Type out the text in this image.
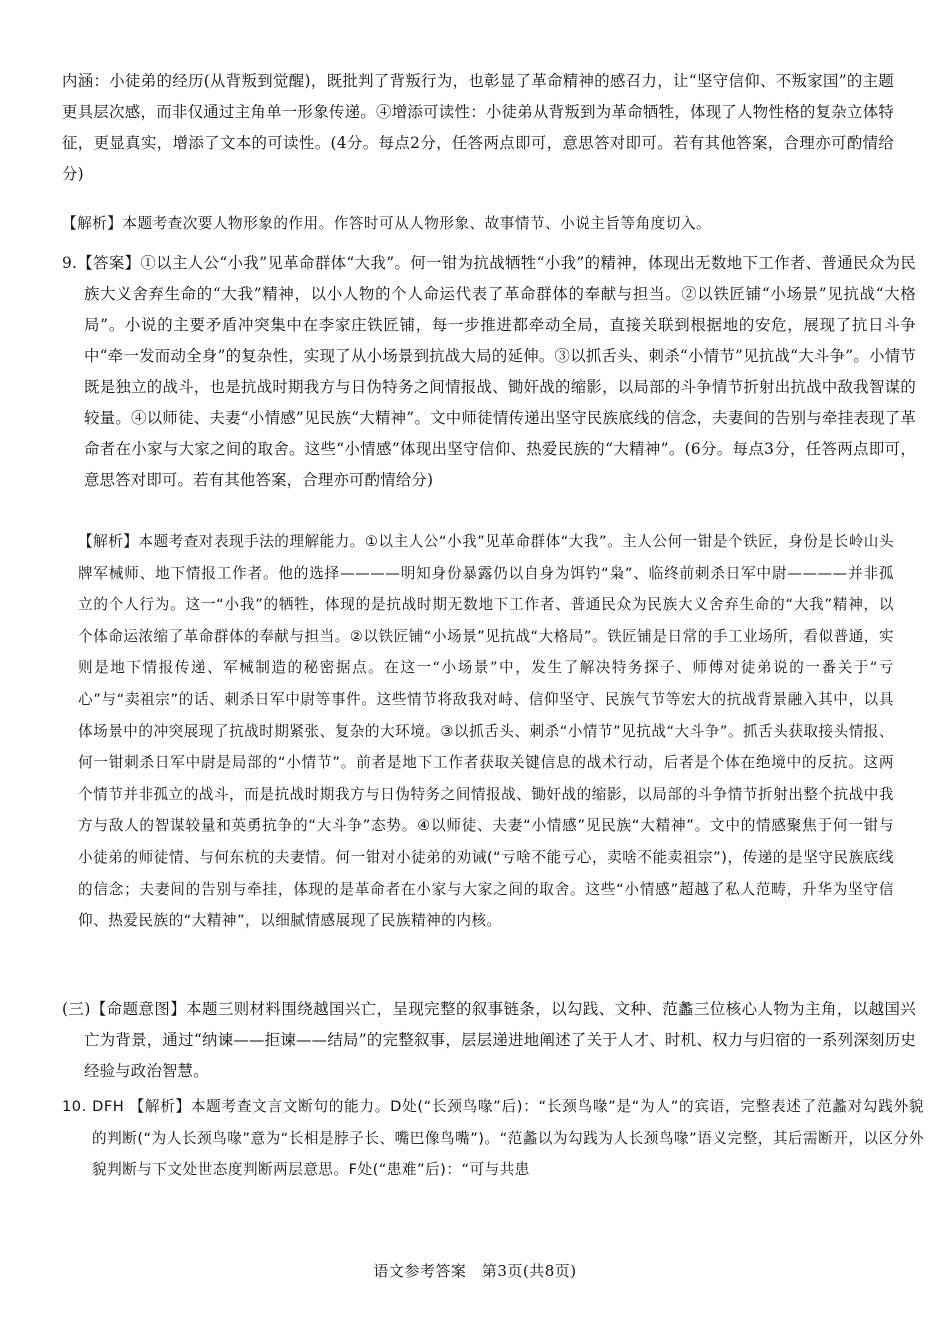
内涵：小徒弟的经历(从背叛到觉醒)，既批判了背叛行为，也彰显了革命精神的感召力，让“坚守信仰、不叛家国”的主题更具层次感，而非仅通过主角单一形象传递。④增添可读性：小徒弟从背叛到为革命牺牲，体现了人物性格的复杂立体特征，更显真实，增添了文本的可读性。(4分。每点2分，任答两点即可，意思答对即可。若有其他答案，合理亦可酌情给分)
【解析】本题考查次要人物形象的作用。作答时可从人物形象、故事情节、小说主旨等角度切入。
9.【答案】①以主人公“小我”见革命群体“大我”。何一钳为抗战牺牲“小我”的精神，体现出无数地下工作者、普通民众为民族大义舍弃生命的“大我”精神，以小人物的个人命运代表了革命群体的奉献与担当。②以铁匠铺“小场景”见抗战“大格局”。小说的主要矛盾冲突集中在李家庄铁匠铺，每一步推进都牵动全局，直接关联到根据地的安危，展现了抗日斗争中“牵一发而动全身”的复杂性，实现了从小场景到抗战大局的延伸。③以抓舌头、刺杀“小情节”见抗战“大斗争”。小情节既是独立的战斗，也是抗战时期我方与日伪特务之间情报战、锄奸战的缩影，以局部的斗争情节折射出抗战中敌我智谋的较量。④以师徒、夫妻“小情感”见民族“大精神”。文中师徒情传递出坚守民族底线的信念，夫妻间的告别与牵挂表现了革命者在小家与大家之间的取舍。这些“小情感”体现出坚守信仰、热爱民族的“大精神”。(6分。每点3分，任答两点即可，意思答对即可。若有其他答案，合理亦可酌情给分)
【解析】本题考查对表现手法的理解能力。①以主人公“小我”见革命群体“大我”。主人公何一钳是个铁匠，身份是长岭山头牌军械师、地下情报工作者。他的选择————明知身份暴露仍以自身为饵钓“枭”、临终前刺杀日军中尉————并非孤立的个人行为。这一“小我”的牺牲，体现的是抗战时期无数地下工作者、普通民众为民族大义舍弃生命的“大我”精神，以个体命运浓缩了革命群体的奉献与担当。②以铁匠铺“小场景”见抗战“大格局”。铁匠铺是日常的手工业场所，看似普通，实则是地下情报传递、军械制造的秘密据点。在这一“小场景”中，发生了解决特务探子、师傅对徒弟说的一番关于“亏心”与“卖祖宗”的话、刺杀日军中尉等事件。这些情节将敌我对峙、信仰坚守、民族气节等宏大的抗战背景融入其中，以具体场景中的冲突展现了抗战时期紧张、复杂的大环境。③以抓舌头、刺杀“小情节”见抗战“大斗争”。抓舌头获取接头情报、何一钳刺杀日军中尉是局部的“小情节”。前者是地下工作者获取关键信息的战术行动，后者是个体在绝境中的反抗。这两个情节并非孤立的战斗，而是抗战时期我方与日伪特务之间情报战、锄奸战的缩影，以局部的斗争情节折射出整个抗战中我方与敌人的智谋较量和英勇抗争的“大斗争”态势。④以师徒、夫妻“小情感”见民族“大精神”。文中的情感聚焦于何一钳与小徒弟的师徒情、与何东杭的夫妻情。何一钳对小徒弟的劝诫(“亏啥不能亏心，卖啥不能卖祖宗”)，传递的是坚守民族底线的信念；夫妻间的告别与牵挂，体现的是革命者在小家与大家之间的取舍。这些“小情感”超越了私人范畴，升华为坚守信仰、热爱民族的“大精神”，以细腻情感展现了民族精神的内核。
(三)【命题意图】本题三则材料围绕越国兴亡，呈现完整的叙事链条，以勾践、文种、范蠡三位核心人物为主角，以越国兴亡为背景，通过“纳谏——拒谏——结局”的完整叙事，层层递进地阐述了关于人才、时机、权力与归宿的一系列深刻历史经验与政治智慧。
10. DFH 【解析】本题考查文言文断句的能力。D处(“长颈鸟喙”后)：“长颈鸟喙”是“为人”的宾语，完整表述了范蠡对勾践外貌的判断(“为人长颈鸟喙”意为“长相是脖子长、嘴巴像鸟嘴”)。“范蠡以为勾践为人长颈鸟喙”语义完整，其后需断开，以区分外貌判断与下文处世态度判断两层意思。F处(“患难”后)：“可与共患
语文参考答案　第3页(共8页)
